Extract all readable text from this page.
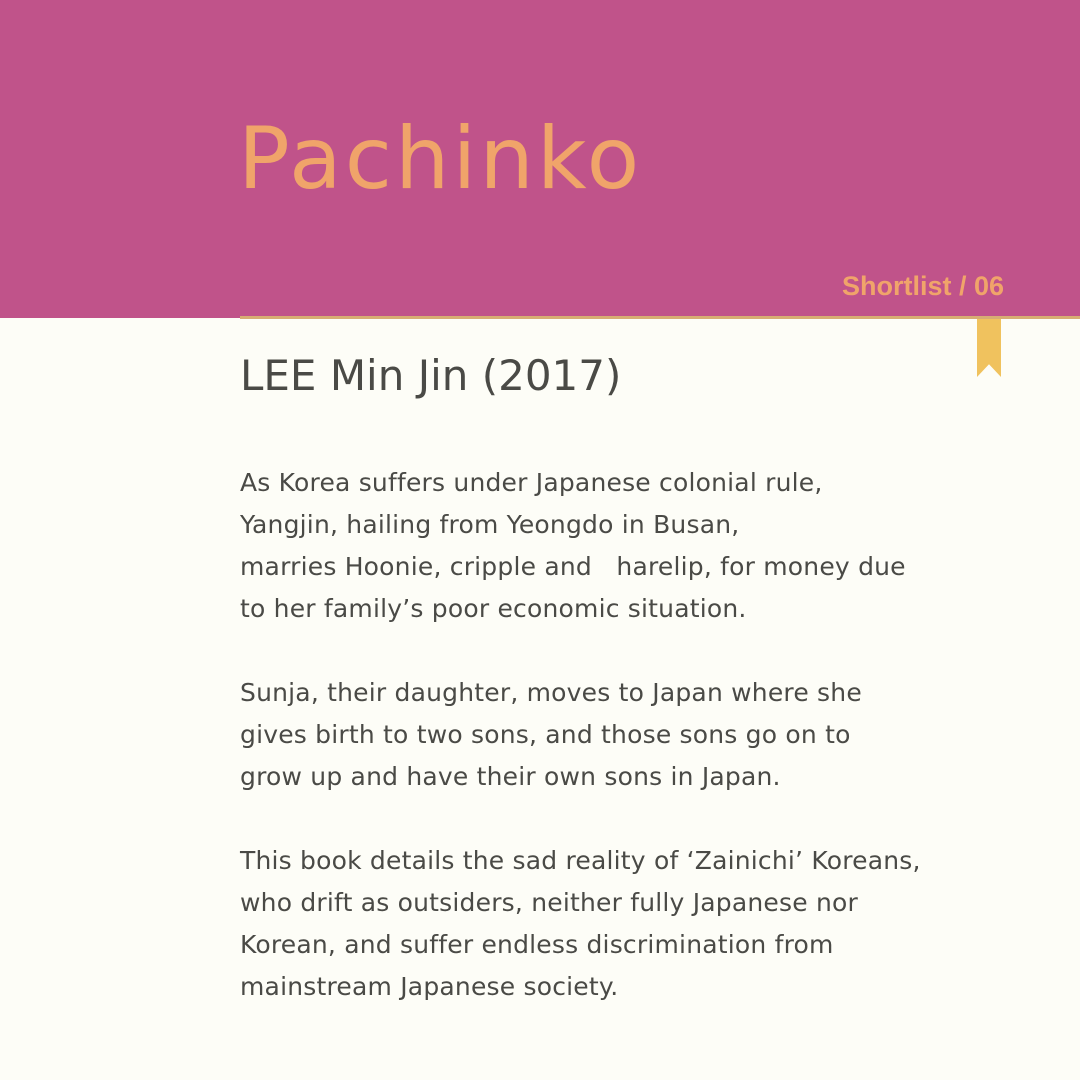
Pachinko
Shortlist / 06
LEE Min Jin (2017)

As Korea suffers under Japanese colonial rule,
Yangjin, hailing from Yeongdo in Busan,
marries Hoonie, cripple and   harelip, for money due
to her family’s poor economic situation.

Sunja, their daughter, moves to Japan where she
gives birth to two sons, and those sons go on to
grow up and have their own sons in Japan.

This book details the sad reality of ‘Zainichi’ Koreans,
who drift as outsiders, neither fully Japanese nor
Korean, and suffer endless discrimination from
mainstream Japanese society.
